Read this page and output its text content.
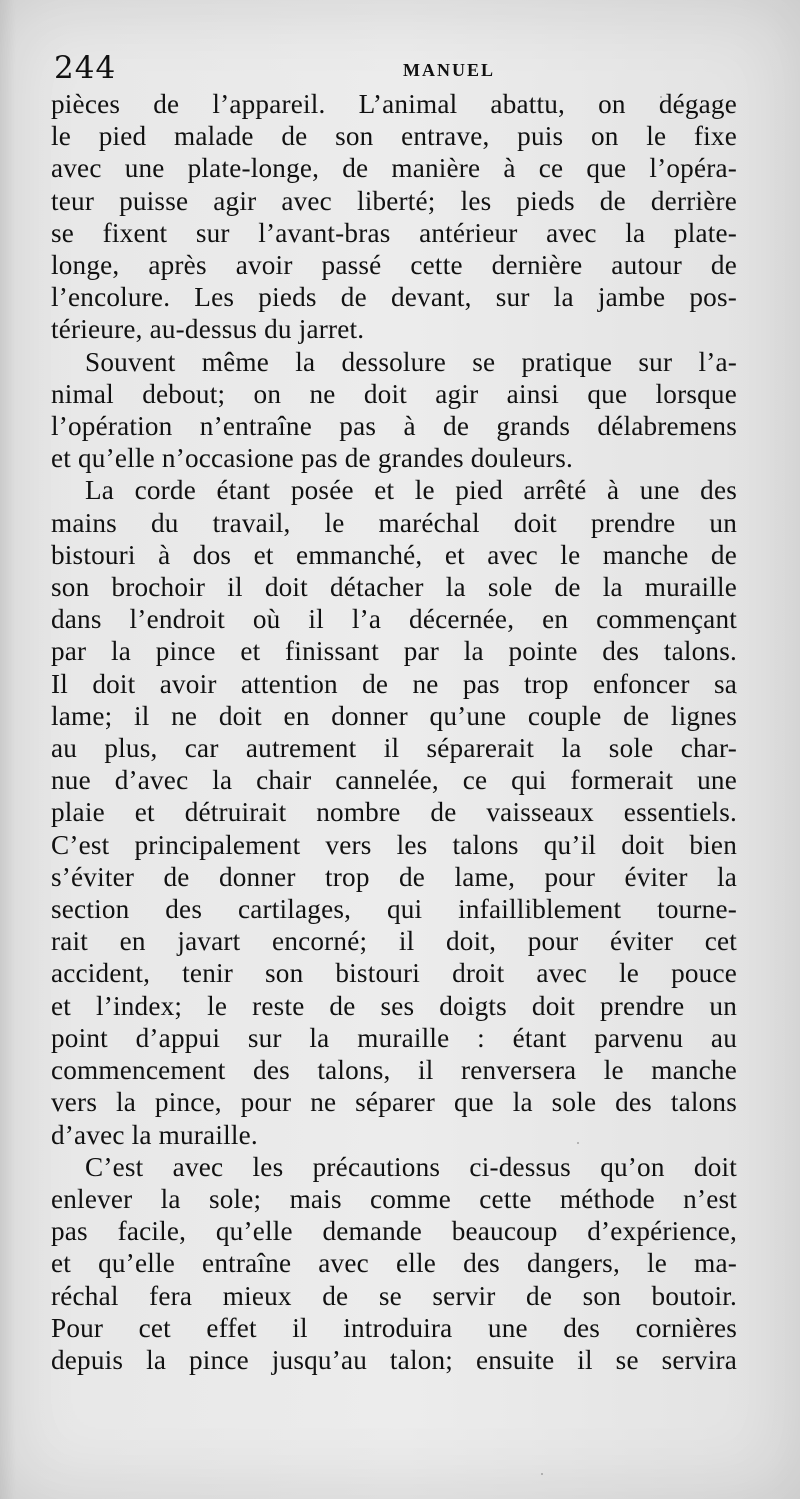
244	MANUEL
pièces de l’appareil. L’animal abattu, on dégage
le pied malade de son entrave, puis on le fixe
avec une plate-longe, de manière à ce que l’opéra-
teur puisse agir avec liberté; les pieds de derrière
se fixent sur l’avant-bras antérieur avec la plate-
longe, après avoir passé cette dernière autour de
l’encolure. Les pieds de devant, sur la jambe pos-
térieure, au-dessus du jarret.
Souvent même la dessolure se pratique sur l’a-
nimal debout; on ne doit agir ainsi que lorsque
l’opération n’entraîne pas à de grands délabremens
et qu’elle n’occasione pas de grandes douleurs.
La corde étant posée et le pied arrêté à une des
mains du travail, le maréchal doit prendre un
bistouri à dos et emmanché, et avec le manche de
son brochoir il doit détacher la sole de la muraille
dans l’endroit où il l’a décernée, en commençant
par la pince et finissant par la pointe des talons.
Il doit avoir attention de ne pas trop enfoncer sa
lame; il ne doit en donner qu’une couple de lignes
au plus, car autrement il séparerait la sole char-
nue d’avec la chair cannelée, ce qui formerait une
plaie et détruirait nombre de vaisseaux essentiels.
C’est principalement vers les talons qu’il doit bien
s’éviter de donner trop de lame, pour éviter la
section des cartilages, qui infailliblement tourne-
rait en javart encorné; il doit, pour éviter cet
accident, tenir son bistouri droit avec le pouce
et l’index; le reste de ses doigts doit prendre un
point d’appui sur la muraille : étant parvenu au
commencement des talons, il renversera le manche
vers la pince, pour ne séparer que la sole des talons
d’avec la muraille.
C’est avec les précautions ci-dessus qu’on doit
enlever la sole; mais comme cette méthode n’est
pas facile, qu’elle demande beaucoup d’expérience,
et qu’elle entraîne avec elle des dangers, le ma-
réchal fera mieux de se servir de son boutoir.
Pour cet effet il introduira une des cornières
depuis la pince jusqu’au talon; ensuite il se servira
